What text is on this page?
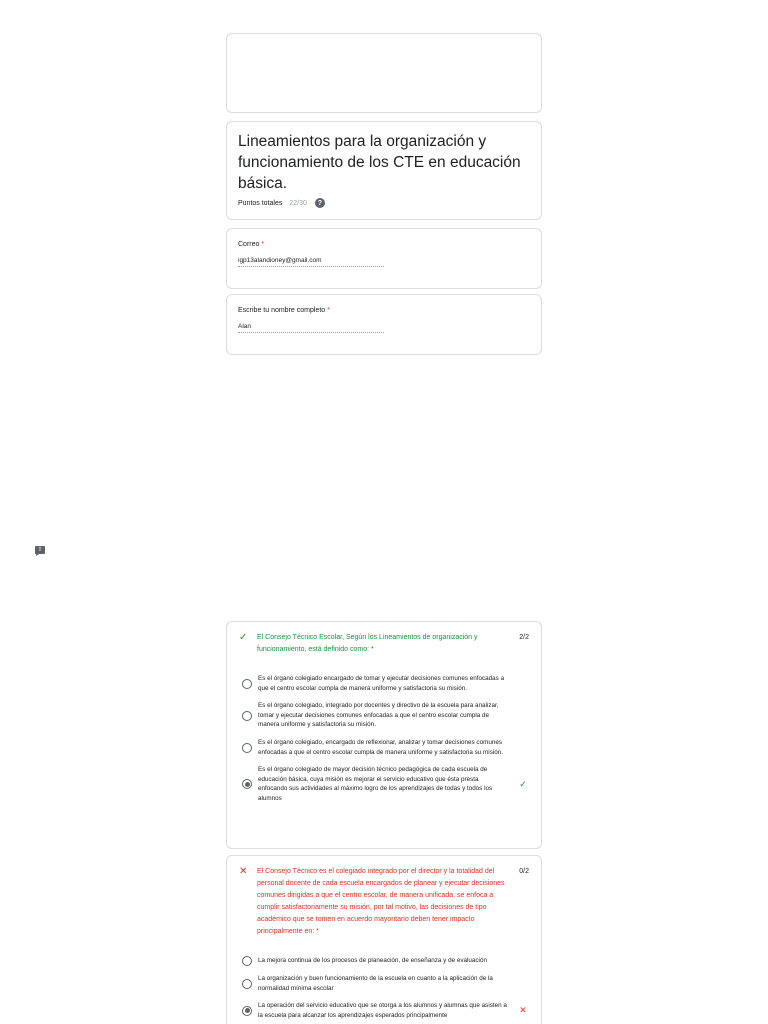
Lineamientos para la organización y funcionamiento de los CTE en educación básica.
Puntos totales 22/30	?
Correo *
igp13alandioney@gmail.com
Escribe tu nombre completo *
Alan
!
✓	El Consejo Técnico Escolar, Según los Lineamientos de organización y funcionamiento, está definido como: *
2/2
Es el órgano colegiado encargado de tomar y ejecutar decisiones comunes enfocadas a que el centro escolar cumpla de manera uniforme y satisfactoria su misión.
Es el órgano colegiado, integrado por docentes y directivo de la escuela para analizar, tomar y ejecutar decisiones comunes enfocadas a que el centro escolar cumpla de manera uniforme y satisfactoria su misión.
Es el órgano colegiado, encargado de reflexionar, analizar y tomar decisiones comunes enfocadas a que el centro escolar cumpla de manera uniforme y satisfactoria su misión.
Es el órgano colegiado de mayor decisión técnico pedagógica de cada escuela de educación básica, cuya misión es mejorar el servicio educativo que ésta presta enfocando sus actividades al máximo logro de los aprendizajes de todas y todos los alumnos
✓
✕	El Consejo Técnico es el colegiado integrado por el director y la totalidad del personal docente de cada escuela encargados de planear y ejecutar decisiones comunes dirigidas a que el centro escolar, de manera unificada, se enfoca a cumplir satisfactoriamente su misión, por tal motivo, las decisiones de tipo académico que se tomen en acuerdo mayoritario deben tener impacto principalmente en: *
0/2
La mejora continua de los procesos de planeación, de enseñanza y de evaluación
La organización y buen funcionamiento de la escuela en cuanto a la aplicación de la normalidad mínima escolar
La operación del servicio educativo que se otorga a los alumnos y alumnas que asisten a la escuela para alcanzar los aprendizajes esperados principalmente	✕
